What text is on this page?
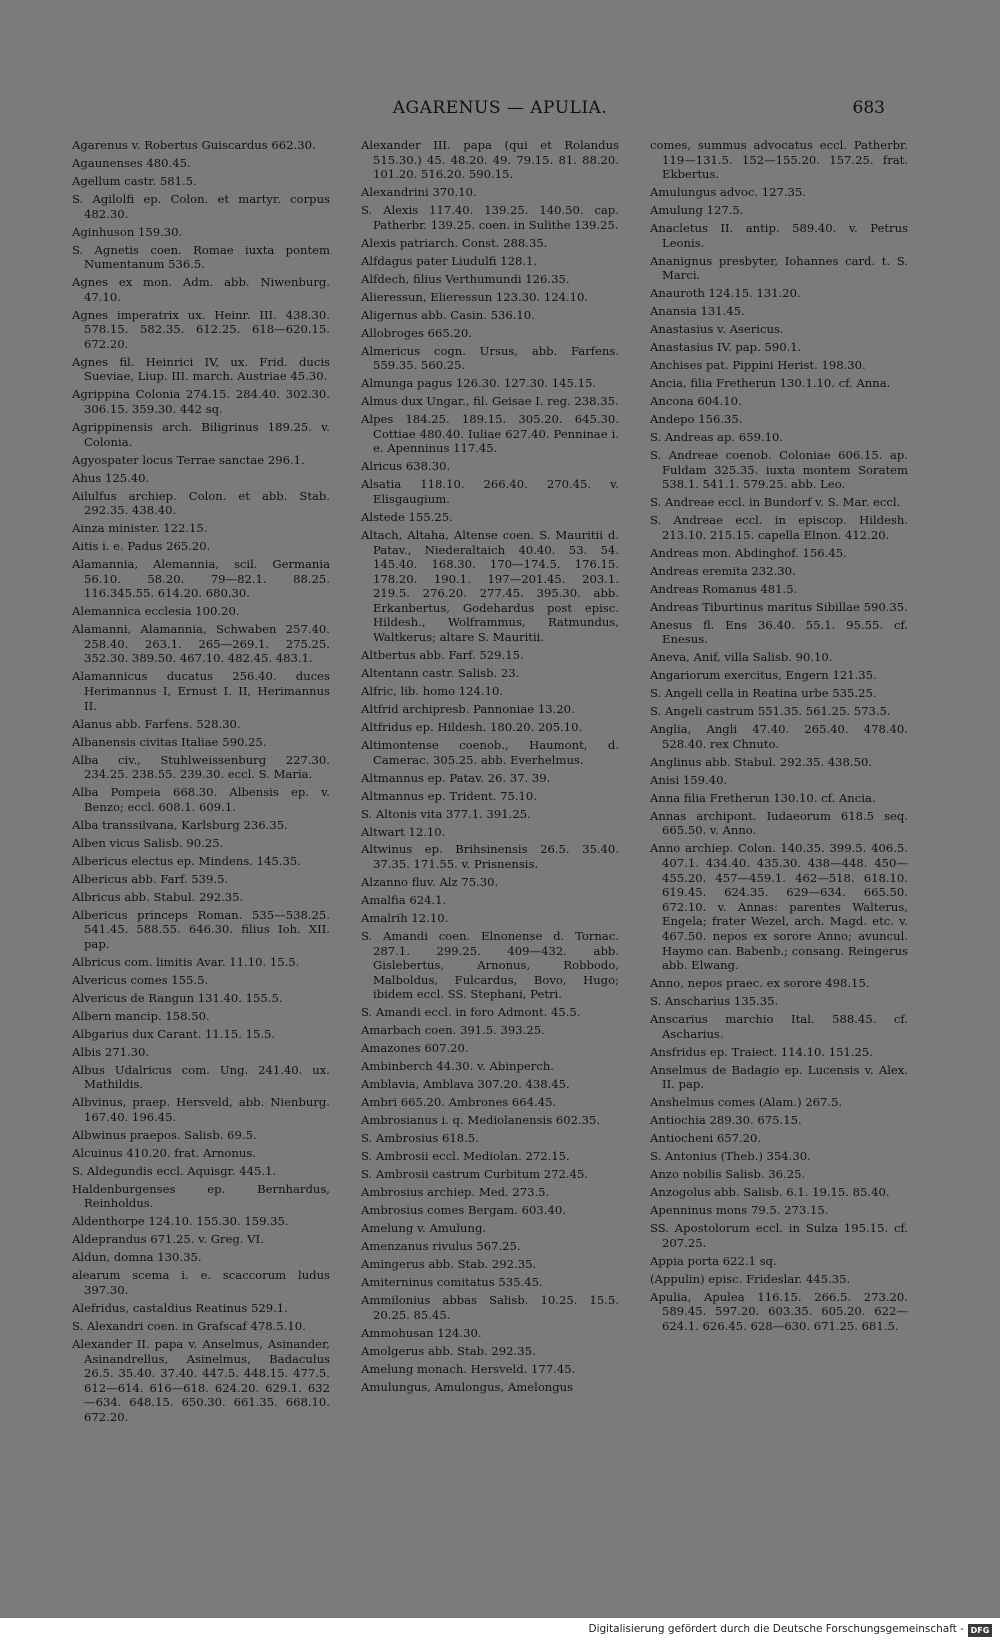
AGARENUS — APULIA.	683

Agarenus v. Robertus Guiscardus 662.30.

Agaunenses 480.45.

Agellum castr. 581.5.

S. Agilolfi ep. Colon. et martyr. corpus 482.30.

Aginhuson 159.30.

S. Agnetis coen. Romae iuxta pontem Numentanum 536.5.

Agnes ex mon. Adm. abb. Niwenburg. 47.10.

Agnes imperatrix ux. Heinr. III. 438.30. 578.15. 582.35. 612.25. 618—620.15. 672.20.

Agnes fil. Heinrici IV, ux. Frid. ducis Sueviae, Liup. III. march. Austriae 45.30.

Agrippina Colonia 274.15. 284.40. 302.30. 306.15. 359.30. 442 sq.

Agrippinensis arch. Biligrinus 189.25. v. Colonia.

Agyospater locus Terrae sanctae 296.1.

Ahus 125.40.

Ailulfus archiep. Colon. et abb. Stab. 292.35. 438.40.

Ainza minister. 122.15.

Aitis i. e. Padus 265.20.

Alamannia, Alemannia, scil. Germania 56.10. 58.20. 79—82.1. 88.25. 116.345.55. 614.20. 680.30.

Alemannica ecclesia 100.20.

Alamanni, Alamannia, Schwaben 257.40. 258.40. 263.1. 265—269.1. 275.25. 352.30. 389.50. 467.10. 482.45. 483.1.

Alamannicus ducatus 256.40. duces Herimannus I, Ernust I. II, Herimannus II.

Alanus abb. Farfens. 528.30.

Albanensis civitas Italiae 590.25.

Alba civ., Stuhlweissenburg 227.30. 234.25. 238.55. 239.30. eccl. S. Maria.

Alba Pompeia 668.30. Albensis ep. v. Benzo; eccl. 608.1. 609.1.

Alba transsilvana, Karlsburg 236.35.

Alben vicus Salisb. 90.25.

Albericus electus ep. Mindens. 145.35.

Albericus abb. Farf. 539.5.

Albricus abb. Stabul. 292.35.

Albericus princeps Roman. 535—538.25. 541.45. 588.55. 646.30. filius Ioh. XII. pap.

Albricus com. limitis Avar. 11.10. 15.5.

Alvericus comes 155.5.

Alvericus de Rangun 131.40. 155.5.

Albern mancip. 158.50.

Albgarius dux Carant. 11.15. 15.5.

Albis 271.30.

Albus Udalricus com. Ung. 241.40. ux. Mathildis.

Albvinus, praep. Hersveld, abb. Nienburg. 167.40. 196.45.

Albwinus praepos. Salisb. 69.5.

Alcuinus 410.20. frat. Arnonus.

S. Aldegundis eccl. Aquisgr. 445.1.

Haldenburgenses ep. Bernhardus, Reinholdus.

Aldenthorpe 124.10. 155.30. 159.35.

Aldeprandus 671.25. v. Greg. VI.

Aldun, domna 130.35.

alearum scema i. e. scaccorum ludus 397.30.

Alefridus, castaldius Reatinus 529.1.

S. Alexandri coen. in Grafscaf 478.5.10.

Alexander II. papa v. Anselmus, Asinander, Asinandrellus, Asinelmus, Badaculus 26.5. 35.40. 37.40. 447.5. 448.15. 477.5. 612—614. 616—618. 624.20. 629.1. 632—634. 648.15. 650.30. 661.35. 668.10. 672.20.

Alexander III. papa (qui et Rolandus 515.30.) 45. 48.20. 49. 79.15. 81. 88.20. 101.20. 516.20. 590.15.

Alexandrini 370.10.

S. Alexis 117.40. 139.25. 140.50. cap. Patherbr. 139.25. coen. in Sulithe 139.25.

Alexis patriarch. Const. 288.35.

Alfdagus pater Liudulfi 128.1.

Alfdech, filius Verthumundi 126.35.

Alieressun, Elieressun 123.30. 124.10.

Aligernus abb. Casin. 536.10.

Allobroges 665.20.

Almericus cogn. Ursus, abb. Farfens. 559.35. 560.25.

Almunga pagus 126.30. 127.30. 145.15.

Almus dux Ungar., fil. Geisae I. reg. 238.35.

Alpes 184.25. 189.15. 305.20. 645.30. Cottiae 480.40. Iuliae 627.40. Penninae i. e. Apenninus 117.45.

Alricus 638.30.

Alsatia 118.10. 266.40. 270.45. v. Elisgaugium.

Alstede 155.25.

Altach, Altaha, Altense coen. S. Mauritii d. Patav., Niederaltaich 40.40. 53. 54. 145.40. 168.30. 170—174.5. 176.15. 178.20. 190.1. 197—201.45. 203.1. 219.5. 276.20. 277.45. 395.30. abb. Erkanbertus, Godehardus post episc. Hildesh., Wolframmus, Ratmundus, Waltkerus; altare S. Mauritii.

Altbertus abb. Farf. 529.15.

Altentann castr. Salisb. 23.

Alfric, lib. homo 124.10.

Altfrid archipresb. Pannoniae 13.20.

Altfridus ep. Hildesh. 180.20. 205.10.

Altimontense coenob., Haumont, d. Camerac. 305.25. abb. Everhelmus.

Altmannus ep. Patav. 26. 37. 39.

Altmannus ep. Trident. 75.10.

S. Altonis vita 377.1. 391.25.

Altwart 12.10.

Altwinus ep. Brihsinensis 26.5. 35.40. 37.35. 171.55. v. Prisnensis.

Alzanno fluv. Alz 75.30.

Amalfia 624.1.

Amalrih 12.10.

S. Amandi coen. Elnonense d. Tornac. 287.1. 299.25. 409—432. abb. Gislebertus, Arnonus, Robbodo, Malboldus, Fulcardus, Bovo, Hugo; ibidem eccl. SS. Stephani, Petri.

S. Amandi eccl. in foro Admont. 45.5.

Amarbach coen. 391.5. 393.25.

Amazones 607.20.

Ambinberch 44.30. v. Abinperch.

Amblavia, Amblava 307.20. 438.45.

Ambri 665.20. Ambrones 664.45.

Ambrosianus i. q. Mediolanensis 602.35.

S. Ambrosius 618.5.

S. Ambrosii eccl. Mediolan. 272.15.

S. Ambrosii castrum Curbitum 272.45.

Ambrosius archiep. Med. 273.5.

Ambrosius comes Bergam. 603.40.

Amelung v. Amulung.

Amenzanus rivulus 567.25.

Amingerus abb. Stab. 292.35.

Amiterninus comitatus 535.45.

Ammilonius abbas Salisb. 10.25. 15.5. 20.25. 85.45.

Ammohusan 124.30.

Amolgerus abb. Stab. 292.35.

Amelung monach. Hersveld. 177.45.

Amulungus, Amulongus, Amelongus

comes, summus advocatus eccl. Patherbr. 119—131.5. 152—155.20. 157.25. frat. Ekbertus.

Amulungus advoc. 127.35.

Amulung 127.5.

Anacletus II. antip. 589.40. v. Petrus Leonis.

Ananignus presbyter, Iohannes card. t. S. Marci.

Anauroth 124.15. 131.20.

Anansia 131.45.

Anastasius v. Asericus.

Anastasius IV. pap. 590.1.

Anchises pat. Pippini Herist. 198.30.

Ancia, filia Fretherun 130.1.10. cf. Anna.

Ancona 604.10.

Andepo 156.35.

S. Andreas ap. 659.10.

S. Andreae coenob. Coloniae 606.15. ap. Fuldam 325.35. iuxta montem Soratem 538.1. 541.1. 579.25. abb. Leo.

S. Andreae eccl. in Bundorf v. S. Mar. eccl.

S. Andreae eccl. in episcop. Hildesh. 213.10. 215.15. capella Elnon. 412.20.

Andreas mon. Abdinghof. 156.45.

Andreas eremita 232.30.

Andreas Romanus 481.5.

Andreas Tiburtinus maritus Sibillae 590.35.

Anesus fl. Ens 36.40. 55.1. 95.55. cf. Enesus.

Aneva, Anif, villa Salisb. 90.10.

Angariorum exercitus, Engern 121.35.

S. Angeli cella in Reatina urbe 535.25.

S. Angeli castrum 551.35. 561.25. 573.5.

Anglia, Angli 47.40. 265.40. 478.40. 528.40. rex Chnuto.

Anglinus abb. Stabul. 292.35. 438.50.

Anisi 159.40.

Anna filia Fretherun 130.10. cf. Ancia.

Annas archipont. Iudaeorum 618.5 seq. 665.50. v. Anno.

Anno archiep. Colon. 140.35. 399.5. 406.5. 407.1. 434.40. 435.30. 438—448. 450—455.20. 457—459.1. 462—518. 618.10. 619.45. 624.35. 629—634. 665.50. 672.10. v. Annas: parentes Walterus, Engela; frater Wezel, arch. Magd. etc. v. 467.50. nepos ex sorore Anno; avuncul. Haymo can. Babenb.; consang. Reingerus abb. Elwang.

Anno, nepos praec. ex sorore 498.15.

S. Anscharius 135.35.

Anscarius marchio Ital. 588.45. cf. Ascharius.

Ansfridus ep. Traiect. 114.10. 151.25.

Anselmus de Badagio ep. Lucensis v. Alex. II. pap.

Anshelmus comes (Alam.) 267.5.

Antiochia 289.30. 675.15.

Antiocheni 657.20.

S. Antonius (Theb.) 354.30.

Anzo nobilis Salisb. 36.25.

Anzogolus abb. Salisb. 6.1. 19.15. 85.40.

Apenninus mons 79.5. 273.15.

SS. Apostolorum eccl. in Sulza 195.15. cf. 207.25.

Appia porta 622.1 sq.

(Appulin) episc. Frideslar. 445.35.

Apulia, Apulea 116.15. 266.5. 273.20. 589.45. 597.20. 603.35. 605.20. 622—624.1. 626.45. 628—630. 671.25. 681.5.

Digitalisierung gefördert durch die Deutsche Forschungsgemeinschaft - DFG
